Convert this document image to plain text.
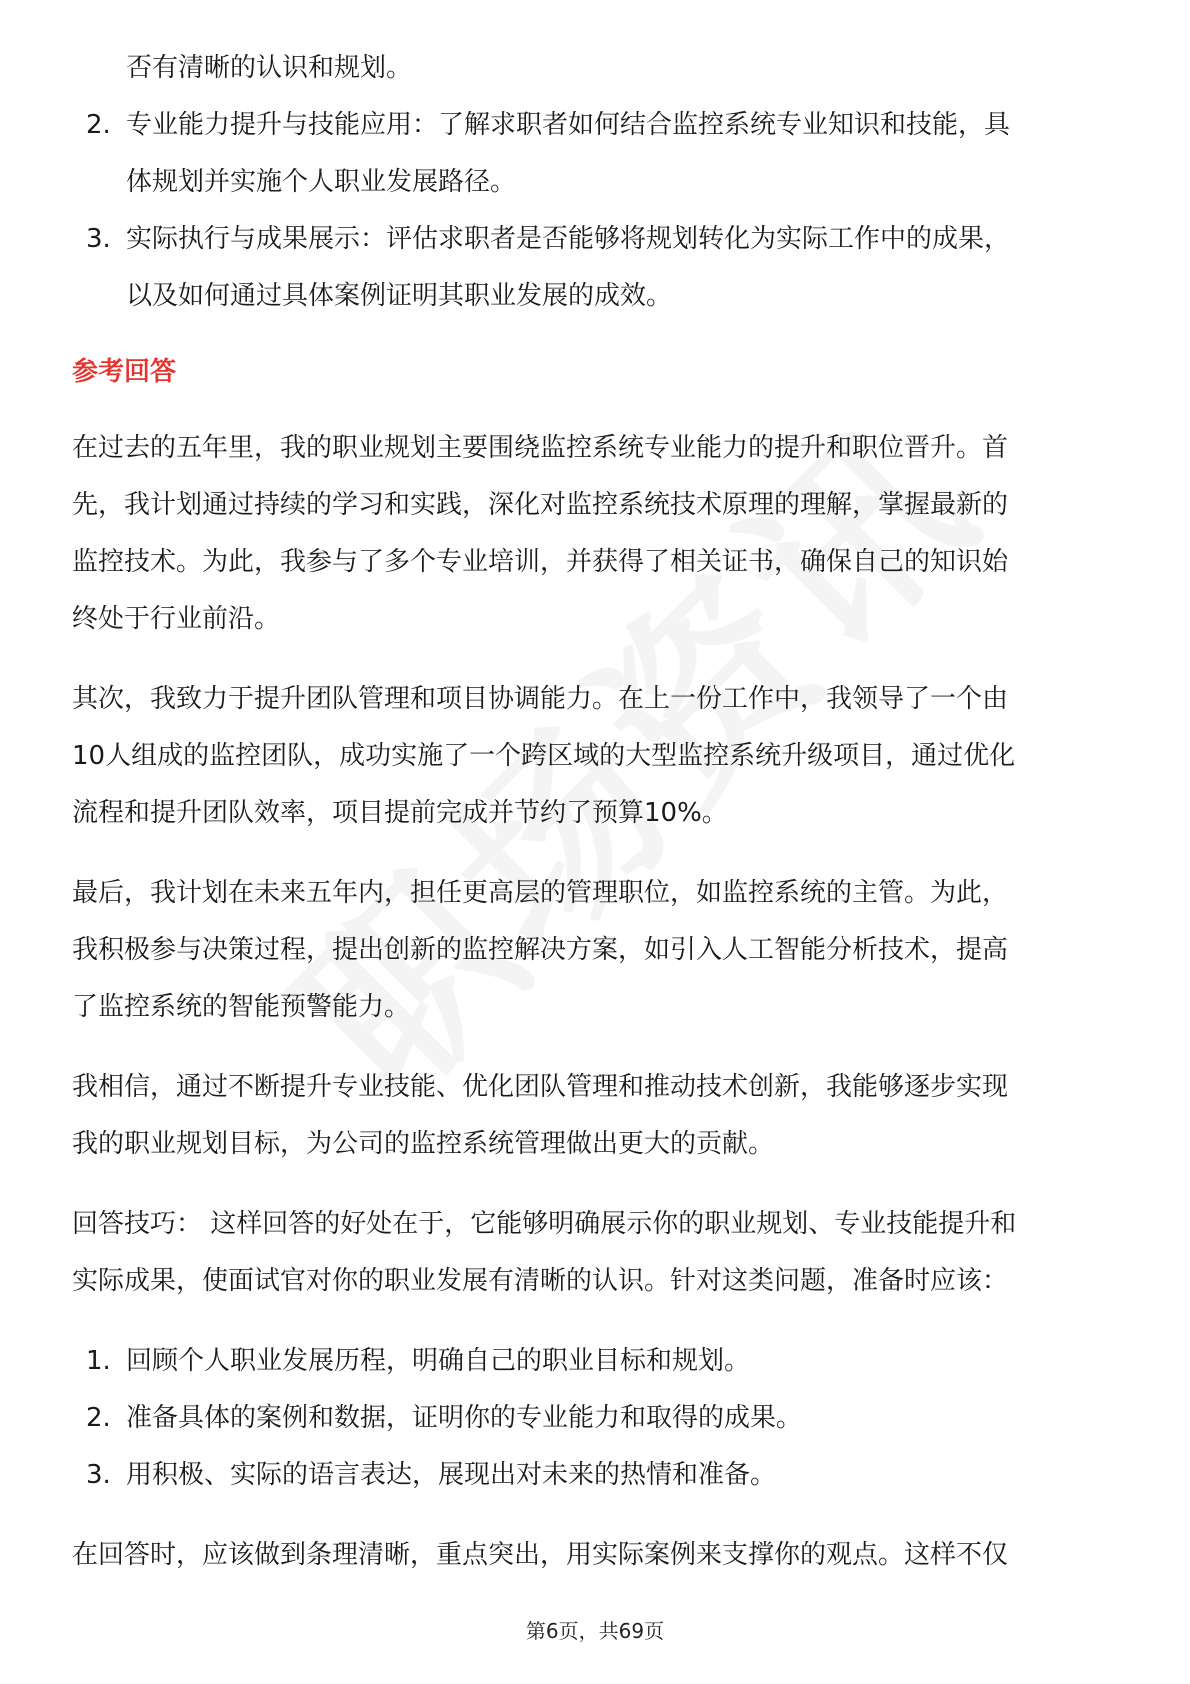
否有清晰的认识和规划。
2. 专业能力提升与技能应用：了解求职者如何结合监控系统专业知识和技能，具
体规划并实施个人职业发展路径。
3. 实际执行与成果展示：评估求职者是否能够将规划转化为实际工作中的成果，
以及如何通过具体案例证明其职业发展的成效。
参考回答
在过去的五年里，我的职业规划主要围绕监控系统专业能力的提升和职位晋升。首
先，我计划通过持续的学习和实践，深化对监控系统技术原理的理解，掌握最新的
监控技术。为此，我参与了多个专业培训，并获得了相关证书，确保自己的知识始
终处于行业前沿。
其次，我致力于提升团队管理和项目协调能力。在上一份工作中，我领导了一个由
10人组成的监控团队，成功实施了一个跨区域的大型监控系统升级项目，通过优化
流程和提升团队效率，项目提前完成并节约了预算10%。
最后，我计划在未来五年内，担任更高层的管理职位，如监控系统的主管。为此，
我积极参与决策过程，提出创新的监控解决方案，如引入人工智能分析技术，提高
了监控系统的智能预警能力。
我相信，通过不断提升专业技能、优化团队管理和推动技术创新，我能够逐步实现
我的职业规划目标，为公司的监控系统管理做出更大的贡献。
回答技巧： 这样回答的好处在于，它能够明确展示你的职业规划、专业技能提升和
实际成果，使面试官对你的职业发展有清晰的认识。针对这类问题，准备时应该：
1. 回顾个人职业发展历程，明确自己的职业目标和规划。
2. 准备具体的案例和数据，证明你的专业能力和取得的成果。
3. 用积极、实际的语言表达，展现出对未来的热情和准备。
在回答时，应该做到条理清晰，重点突出，用实际案例来支撑你的观点。这样不仅
第6页，共69页
